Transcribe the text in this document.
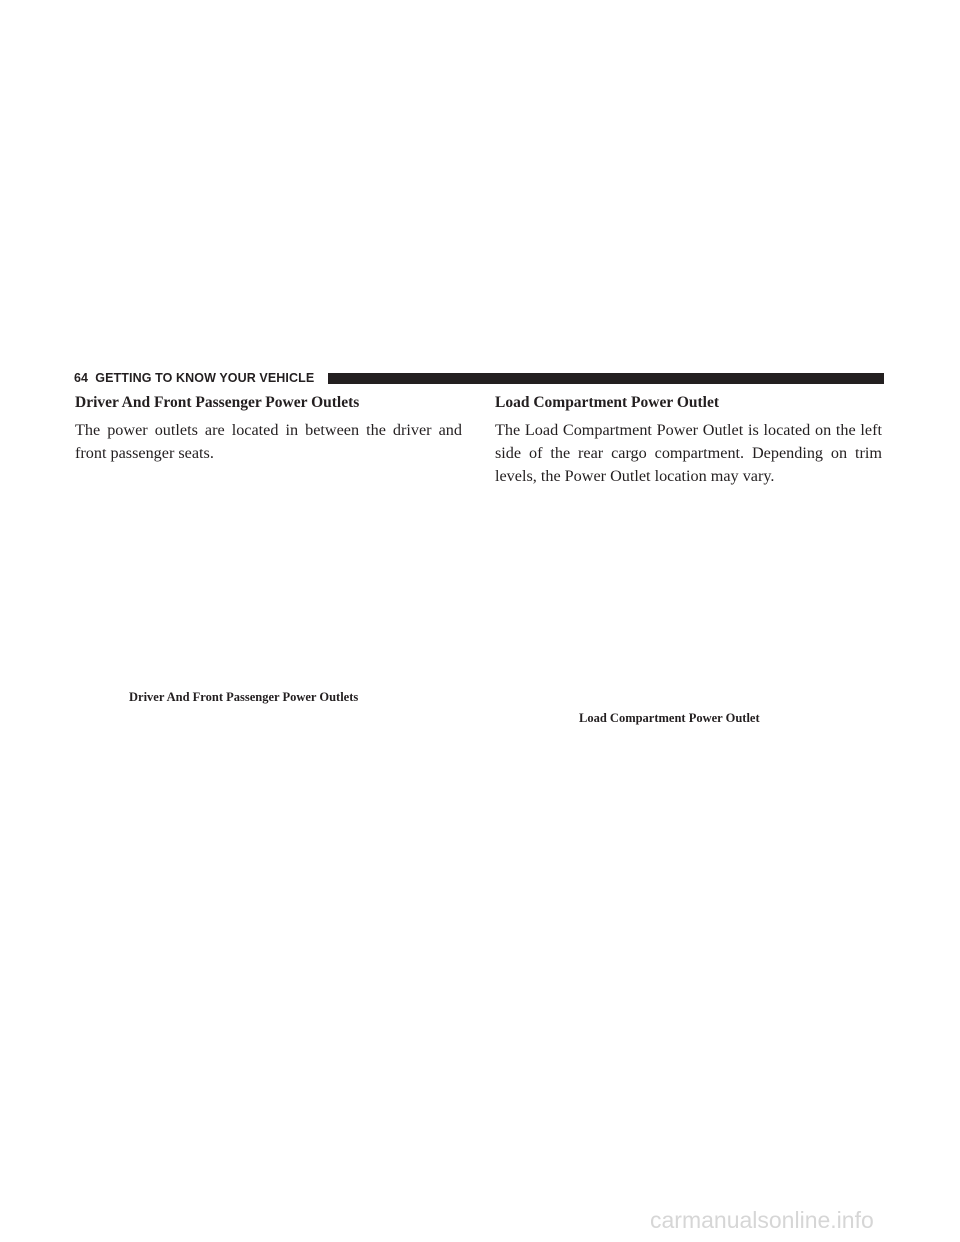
64 GETTING TO KNOW YOUR VEHICLE
Driver And Front Passenger Power Outlets
The power outlets are located in between the driver and
front passenger seats.
Driver And Front Passenger Power Outlets
Load Compartment Power Outlet
The Load Compartment Power Outlet is located on the left
side of the rear cargo compartment. Depending on trim
levels, the Power Outlet location may vary.
Load Compartment Power Outlet
carmanualsonline.info
